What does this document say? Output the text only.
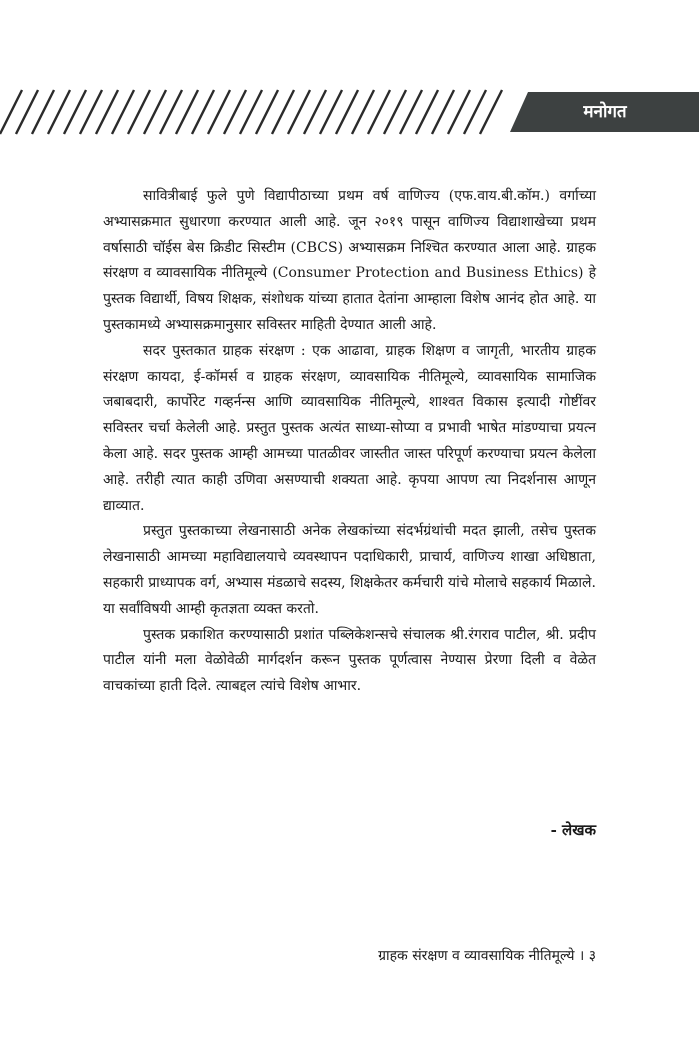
मनोगत

सावित्रीबाई फुले पुणे विद्यापीठाच्या प्रथम वर्ष वाणिज्य (एफ.वाय.बी.कॉम.) वर्गाच्या अभ्यासक्रमात सुधारणा करण्यात आली आहे. जून २०१९ पासून वाणिज्य विद्याशाखेच्या प्रथम वर्षासाठी चॉईस बेस क्रिडीट सिस्टीम (CBCS) अभ्यासक्रम निश्‍चित करण्यात आला आहे. ग्राहक संरक्षण व व्यावसायिक नीतिमूल्ये (Consumer Protection and Business Ethics) हे पुस्तक विद्यार्थी, विषय शिक्षक, संशोधक यांच्या हातात देतांना आम्हाला विशेष आनंद होत आहे. या पुस्तकामध्ये अभ्यासक्रमानुसार सविस्तर माहिती देण्यात आली आहे.

सदर पुस्तकात ग्राहक संरक्षण : एक आढावा, ग्राहक शिक्षण व जागृती, भारतीय ग्राहक संरक्षण कायदा, ई-कॉमर्स व ग्राहक संरक्षण, व्यावसायिक नीतिमूल्ये, व्यावसायिक सामाजिक जबाबदारी, कार्पोरेट गव्हर्नन्स आणि व्यावसायिक नीतिमूल्ये, शाश्‍वत विकास इत्यादी गोष्टींवर सविस्तर चर्चा केलेली आहे. प्रस्तुत पुस्तक अत्यंत साध्या-सोप्या व प्रभावी भाषेत मांडण्याचा प्रयत्न केला आहे. सदर पुस्तक आम्ही आमच्या पातळीवर जास्तीत जास्त परिपूर्ण करण्याचा प्रयत्न केलेला आहे. तरीही त्यात काही उणिवा असण्याची शक्यता आहे. कृपया आपण त्या निदर्शनास आणून द्याव्यात.

प्रस्तुत पुस्तकाच्या लेखनासाठी अनेक लेखकांच्या संदर्भग्रंथांची मदत झाली, तसेच पुस्तक लेखनासाठी आमच्या महाविद्यालयाचे व्यवस्थापन पदाधिकारी, प्राचार्य, वाणिज्य शाखा अधिष्ठाता, सहकारी प्राध्यापक वर्ग, अभ्यास मंडळाचे सदस्य, शिक्षकेतर कर्मचारी यांचे मोलाचे सहकार्य मिळाले. या सर्वांविषयी आम्ही कृतज्ञता व्यक्त करतो.

पुस्तक प्रकाशित करण्यासाठी प्रशांत पब्लिकेशन्सचे संचालक श्री.रंगराव पाटील, श्री. प्रदीप पाटील यांनी मला वेळोवेळी मार्गदर्शन करून पुस्तक पूर्णत्वास नेण्यास प्रेरणा दिली व वेळेत वाचकांच्या हाती दिले. त्याबद्दल त्यांचे विशेष आभार.

- लेखक
ग्राहक संरक्षण व व्यावसायिक नीतिमूल्ये । ३
